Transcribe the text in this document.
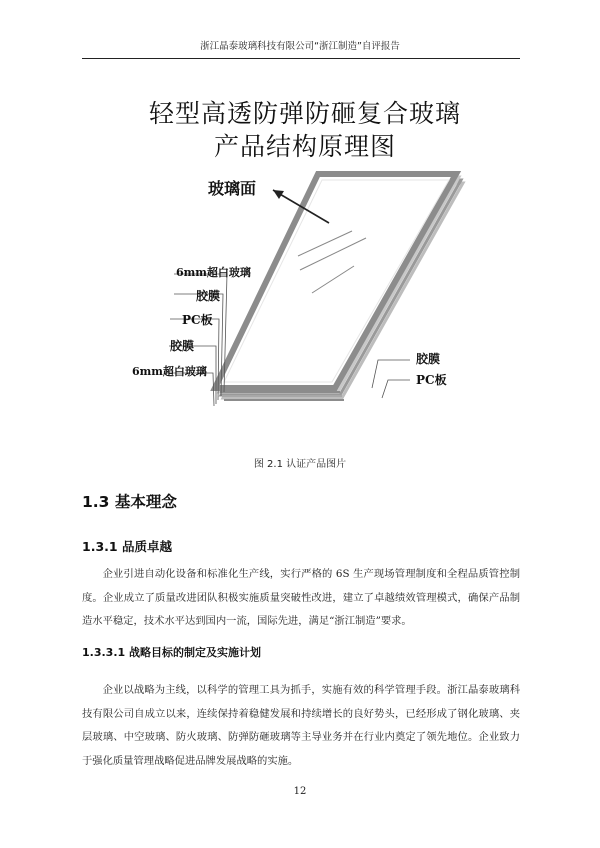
浙江晶泰玻璃科技有限公司“浙江制造”自评报告
轻型高透防弹防砸复合玻璃
产品结构原理图
玻璃面
6mm超白玻璃
胶膜
PC板
胶膜
6mm超白玻璃
胶膜
PC板
图 2.1 认证产品图片
1.3 基本理念
1.3.1 品质卓越

企业引进自动化设备和标准化生产线，实行严格的 6S 生产现场管理制度和全程品质管控制度。企业成立了质量改进团队积极实施质量突破性改进，建立了卓越绩效管理模式，确保产品制造水平稳定，技术水平达到国内一流，国际先进，满足“浙江制造”要求。

1.3.3.1 战略目标的制定及实施计划

企业以战略为主线，以科学的管理工具为抓手，实施有效的科学管理手段。浙江晶泰玻璃科技有限公司自成立以来，连续保持着稳健发展和持续增长的良好势头，已经形成了钢化玻璃、夹层玻璃、中空玻璃、防火玻璃、防弹防砸玻璃等主导业务并在行业内奠定了领先地位。企业致力于强化质量管理战略促进品牌发展战略的实施。

12
